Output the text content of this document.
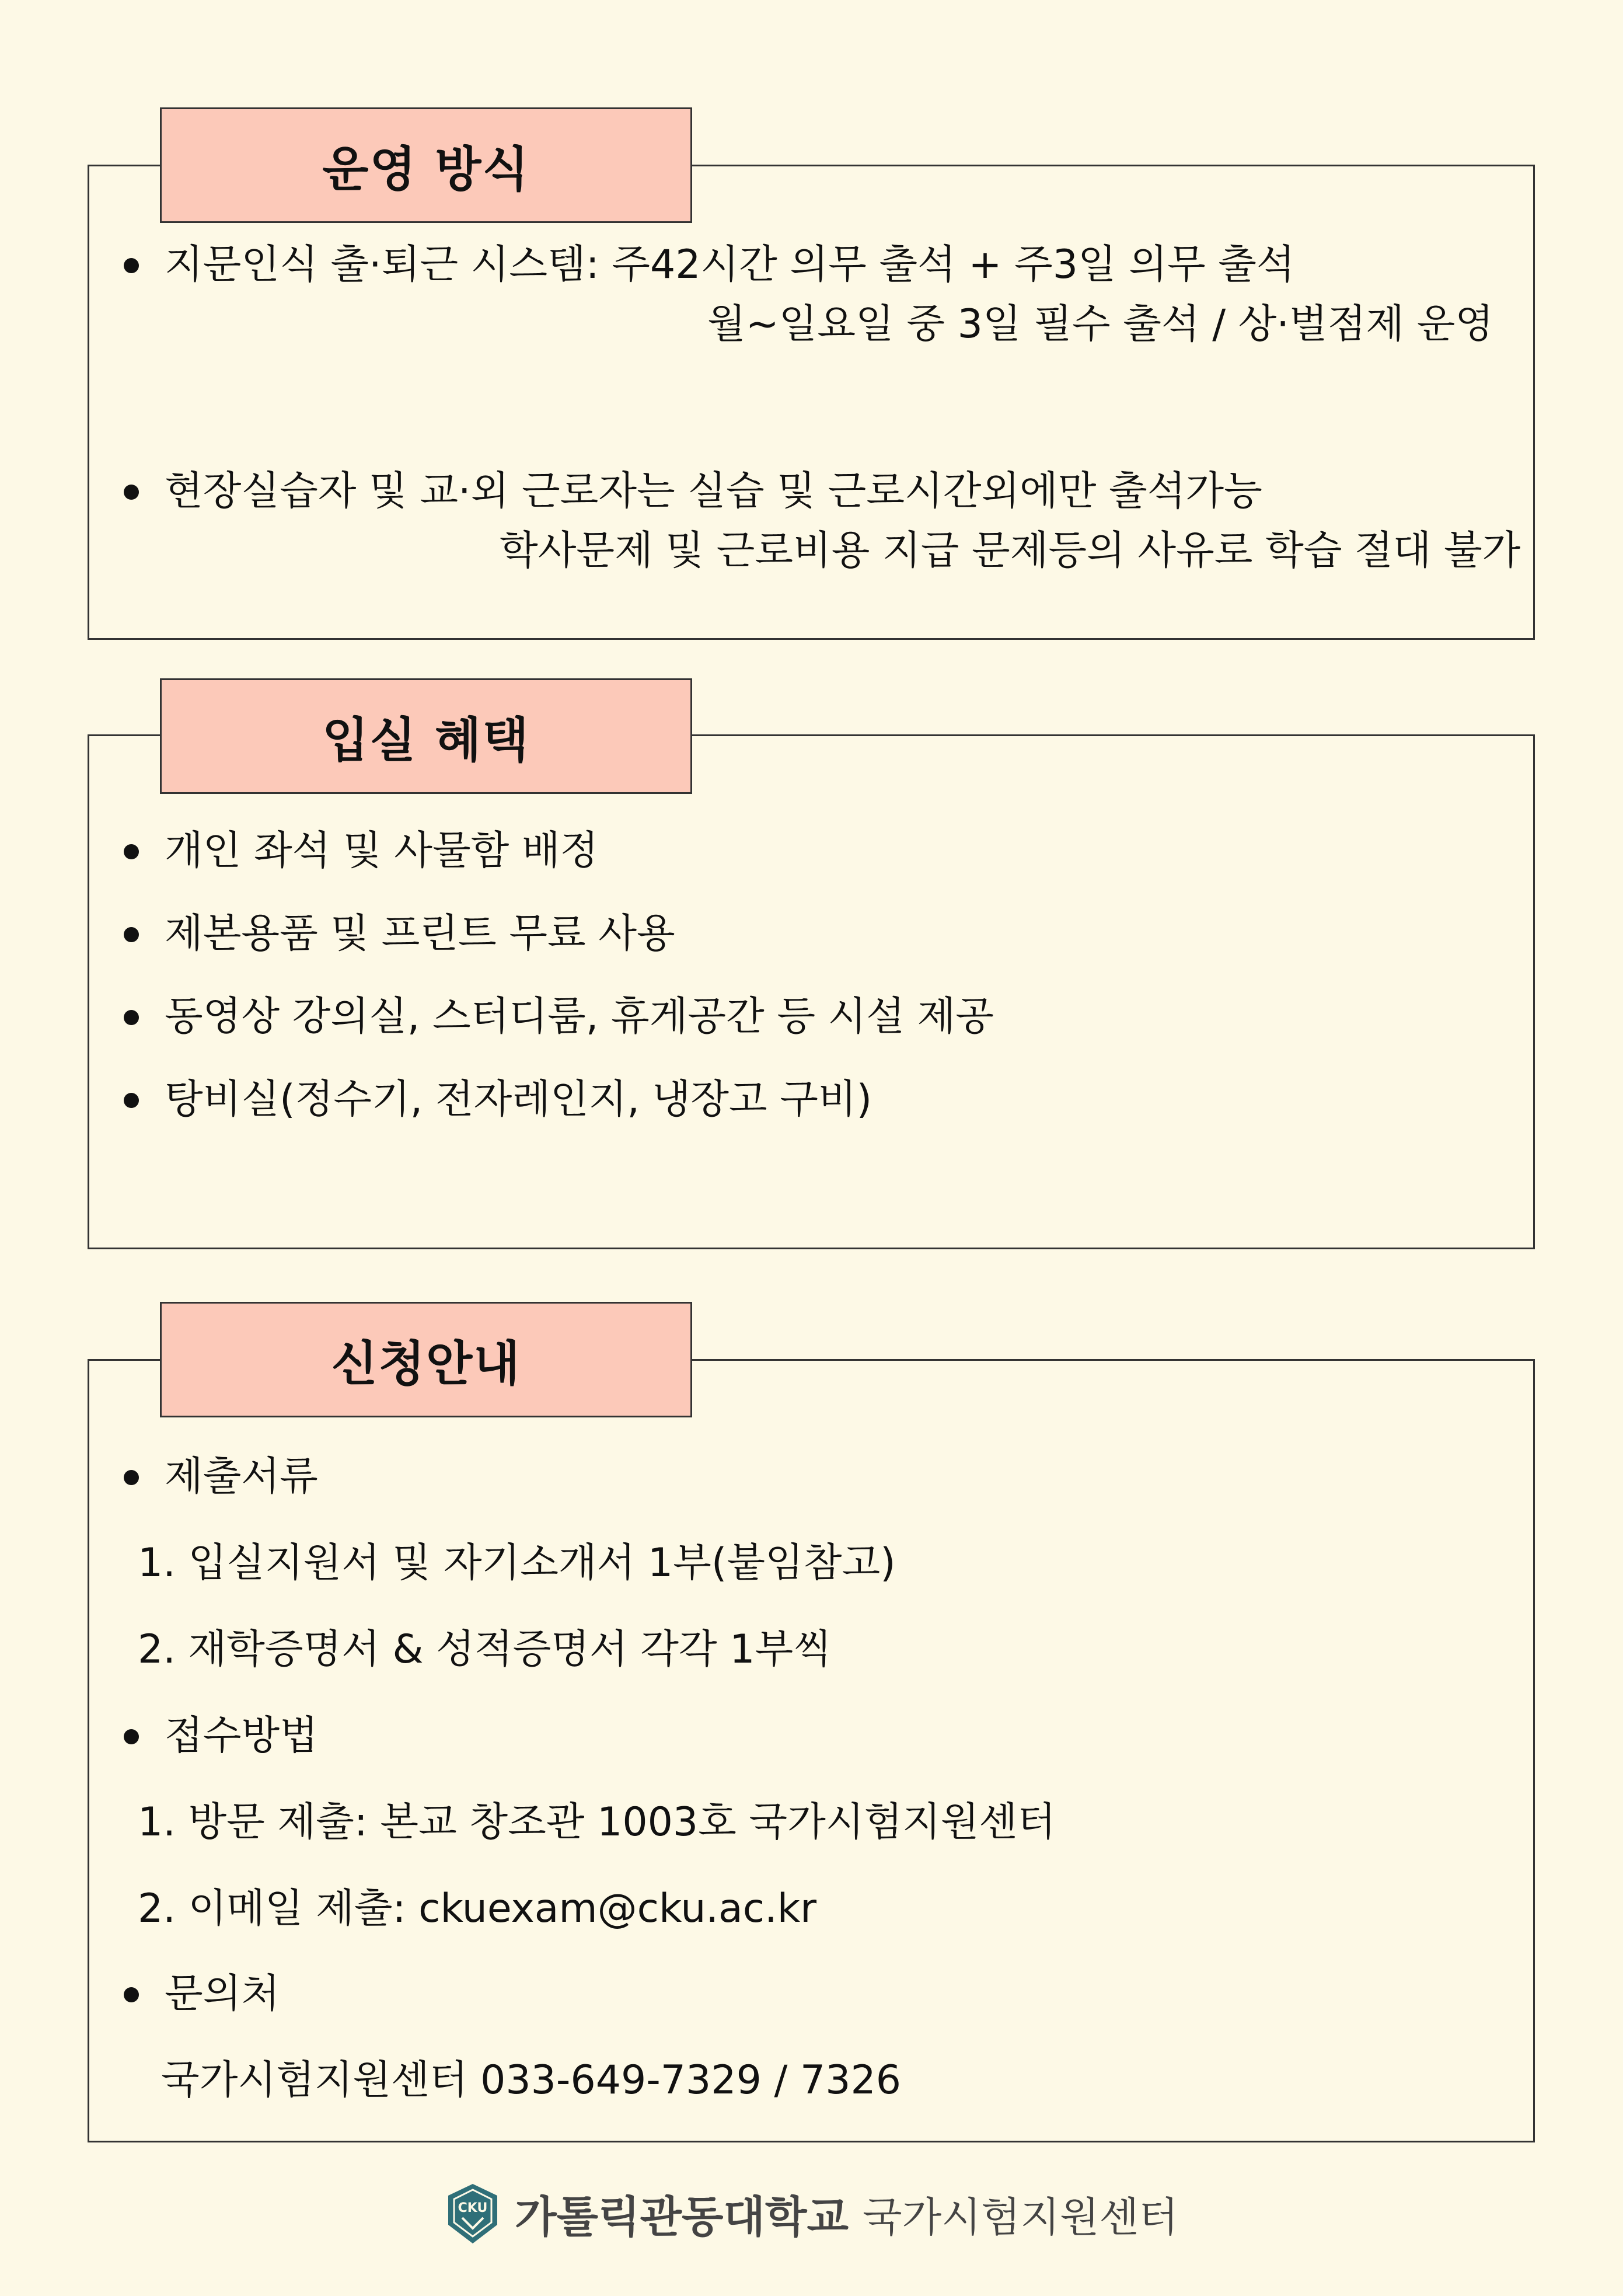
운영 방식
지문인식 출·퇴근 시스템: 주42시간 의무 출석 + 주3일 의무 출석
월~일요일 중 3일 필수 출석 / 상·벌점제 운영
현장실습자 및 교·외 근로자는 실습 및 근로시간외에만 출석가능
학사문제 및 근로비용 지급 문제등의 사유로 학습 절대 불가
입실 혜택
개인 좌석 및 사물함 배정
제본용품 및 프린트 무료 사용
동영상 강의실, 스터디룸, 휴게공간 등 시설 제공
탕비실(정수기, 전자레인지, 냉장고 구비)
신청안내
제출서류
1. 입실지원서 및 자기소개서 1부(붙임참고)
2. 재학증명서 & 성적증명서 각각 1부씩
접수방법
1. 방문 제출: 본교 창조관 1003호 국가시험지원센터
2. 이메일 제출: ckuexam@cku.ac.kr
문의처
국가시험지원센터 033-649-7329 / 7326
CKU 가톨릭관동대학교 국가시험지원센터
